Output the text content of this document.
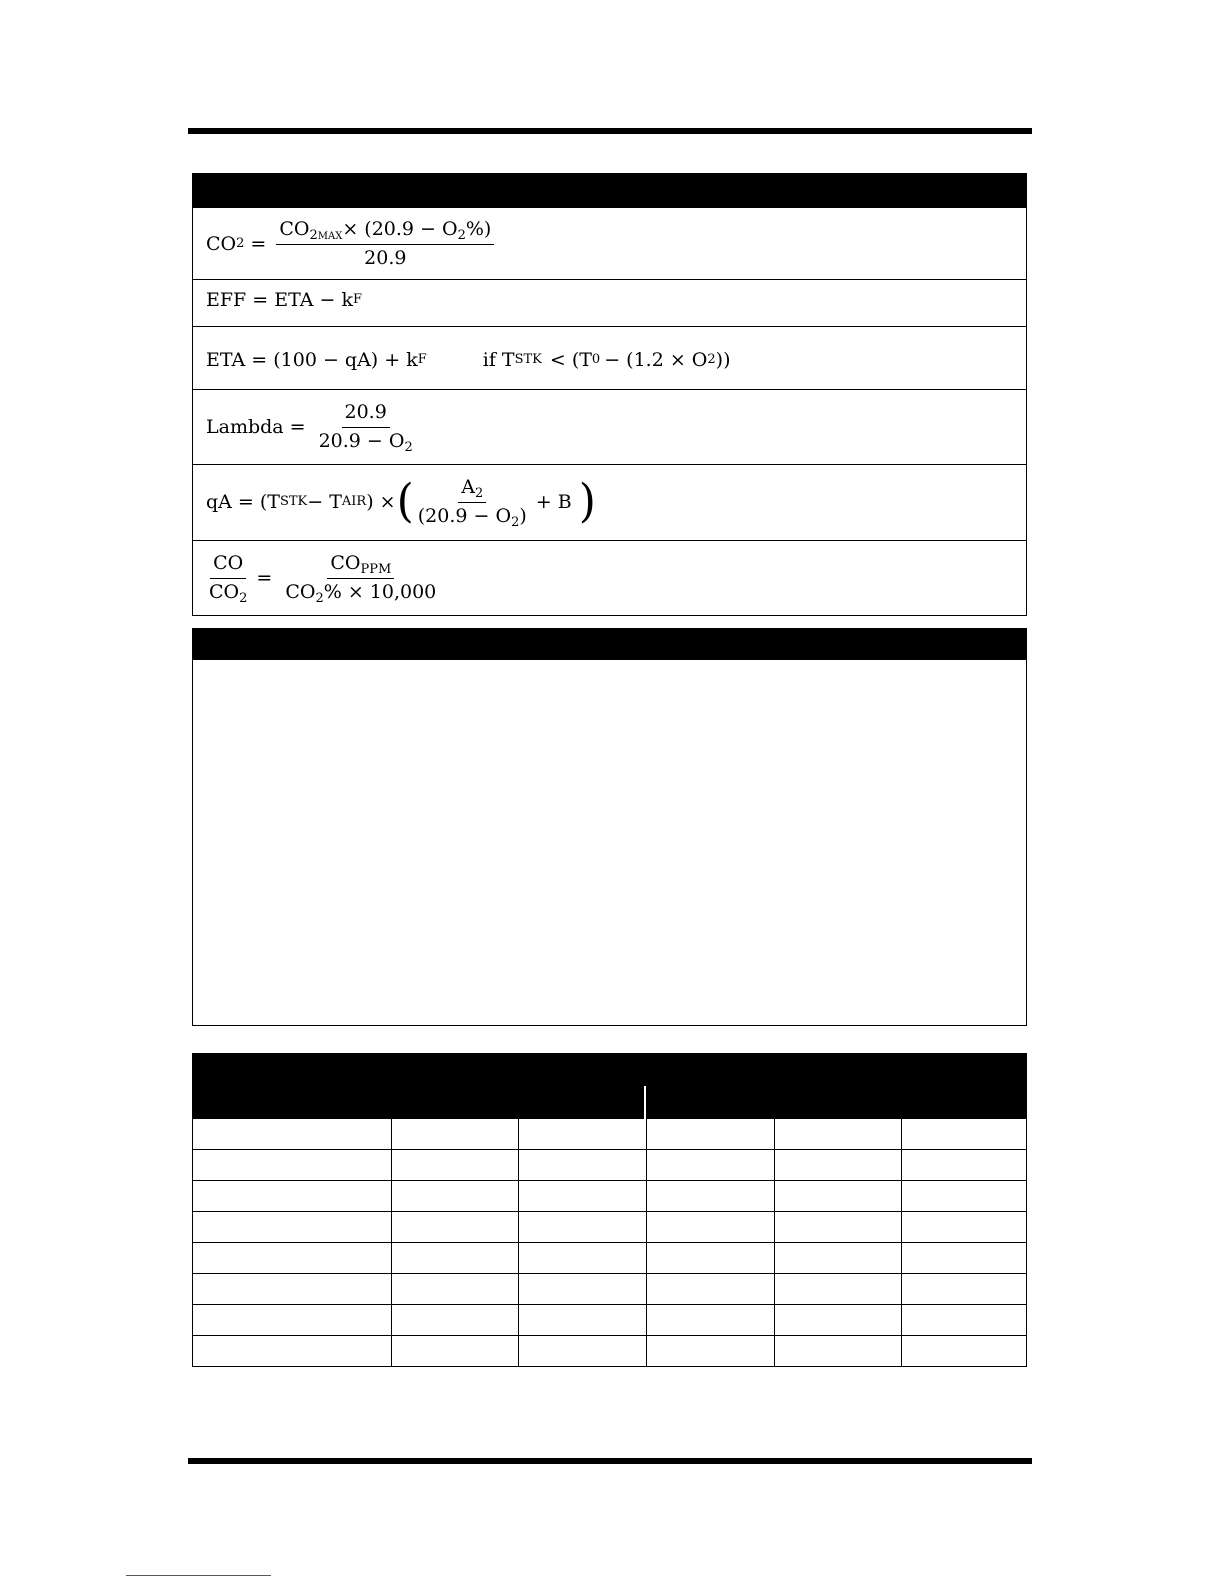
CO $2 = \frac{CO_{2MAX}\times (20.9 - O_2\%)}{20.9}$
EFF = ETA − k F
ETA = (100 − qA) + k F	if T STK < (T 0 − (1.2 × O 2 ))
Lambda = $\frac{20.9}{20.9 - O_2}$
qA = (T STK − T AIR ) × ( $\frac{A_2}{(20.9 - O_2)} + B$ )
$\frac{CO}{CO_2} = \frac{CO_{PPM}}{CO_2\% \times 10,000}$
